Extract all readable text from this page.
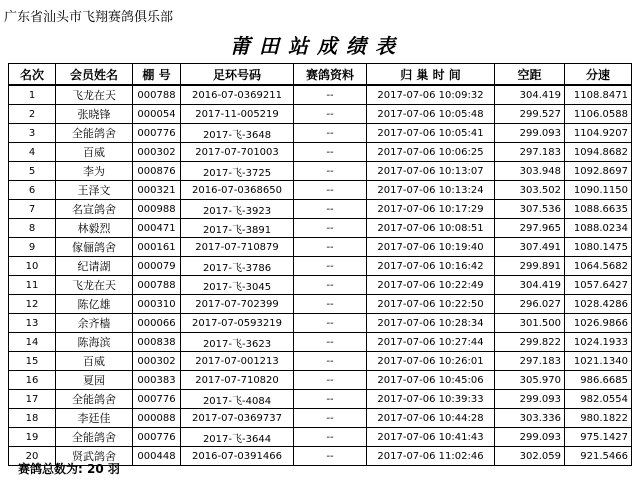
广东省汕头市飞翔赛鸽俱乐部
莆田站成绩表
名次	会员姓名	棚 号	足环号码	赛鸽资料	归 巢 时 间	空距	分速
1	飞龙在天	000788	2016-07-0369211	--	2017-07-06 10:09:32	304.419	1108.8471
2	张晓锋	000054	2017-11-005219	--	2017-07-06 10:05:48	299.527	1106.0588
3	全能鸽舍	000776	2017-飞-3648	--	2017-07-06 10:05:41	299.093	1104.9207
4	百威	000302	2017-07-701003	--	2017-07-06 10:06:25	297.183	1094.8682
5	李为	000876	2017-飞-3725	--	2017-07-06 10:13:07	303.948	1092.8697
6	王泽文	000321	2016-07-0368650	--	2017-07-06 10:13:24	303.502	1090.1150
7	名宣鸽舍	000988	2017-飞-3923	--	2017-07-06 10:17:29	307.536	1088.6635
8	林毅烈	000471	2017-飞-3891	--	2017-07-06 10:08:51	297.965	1088.0234
9	傢俪鸽舍	000161	2017-07-710879	--	2017-07-06 10:19:40	307.491	1080.1475
10	纪请湖	000079	2017-飞-3786	--	2017-07-06 10:16:42	299.891	1064.5682
11	飞龙在天	000788	2017-飞-3045	--	2017-07-06 10:22:49	304.419	1057.6427
12	陈亿雄	000310	2017-07-702399	--	2017-07-06 10:22:50	296.027	1028.4286
13	余齐樯	000066	2017-07-0593219	--	2017-07-06 10:28:34	301.500	1026.9866
14	陈海滨	000838	2017-飞-3623	--	2017-07-06 10:27:44	299.822	1024.1933
15	百威	000302	2017-07-001213	--	2017-07-06 10:26:01	297.183	1021.1340
16	夏园	000383	2017-07-710820	--	2017-07-06 10:45:06	305.970	986.6685
17	全能鸽舍	000776	2017-飞-4084	--	2017-07-06 10:39:33	299.093	982.0554
18	李廷佳	000088	2017-07-0369737	--	2017-07-06 10:44:28	303.336	980.1822
19	全能鸽舍	000776	2017-飞-3644	--	2017-07-06 10:41:43	299.093	975.1427
20	贤武鸽舍	000448	2016-07-0391466	--	2017-07-06 11:02:46	302.059	921.5466
赛鸽总数为: 20 羽
